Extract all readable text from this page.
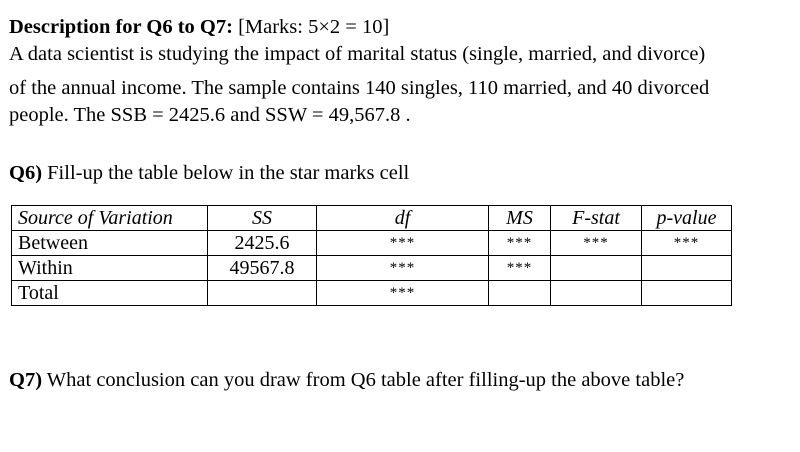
Description for Q6 to Q7: [Marks: 5×2 = 10]
A data scientist is studying the impact of marital status (single, married, and divorce)
of the annual income. The sample contains 140 singles, 110 married, and 40 divorced
people. The SSB = 2425.6 and SSW = 49,567.8 .
Q6) Fill-up the table below in the star marks cell
Source of Variation	SS	df	MS	F-stat	p-value
Between	2425.6	***	***	***	***
Within	49567.8	***	***		
Total		***			
Q7) What conclusion can you draw from Q6 table after filling-up the above table?
